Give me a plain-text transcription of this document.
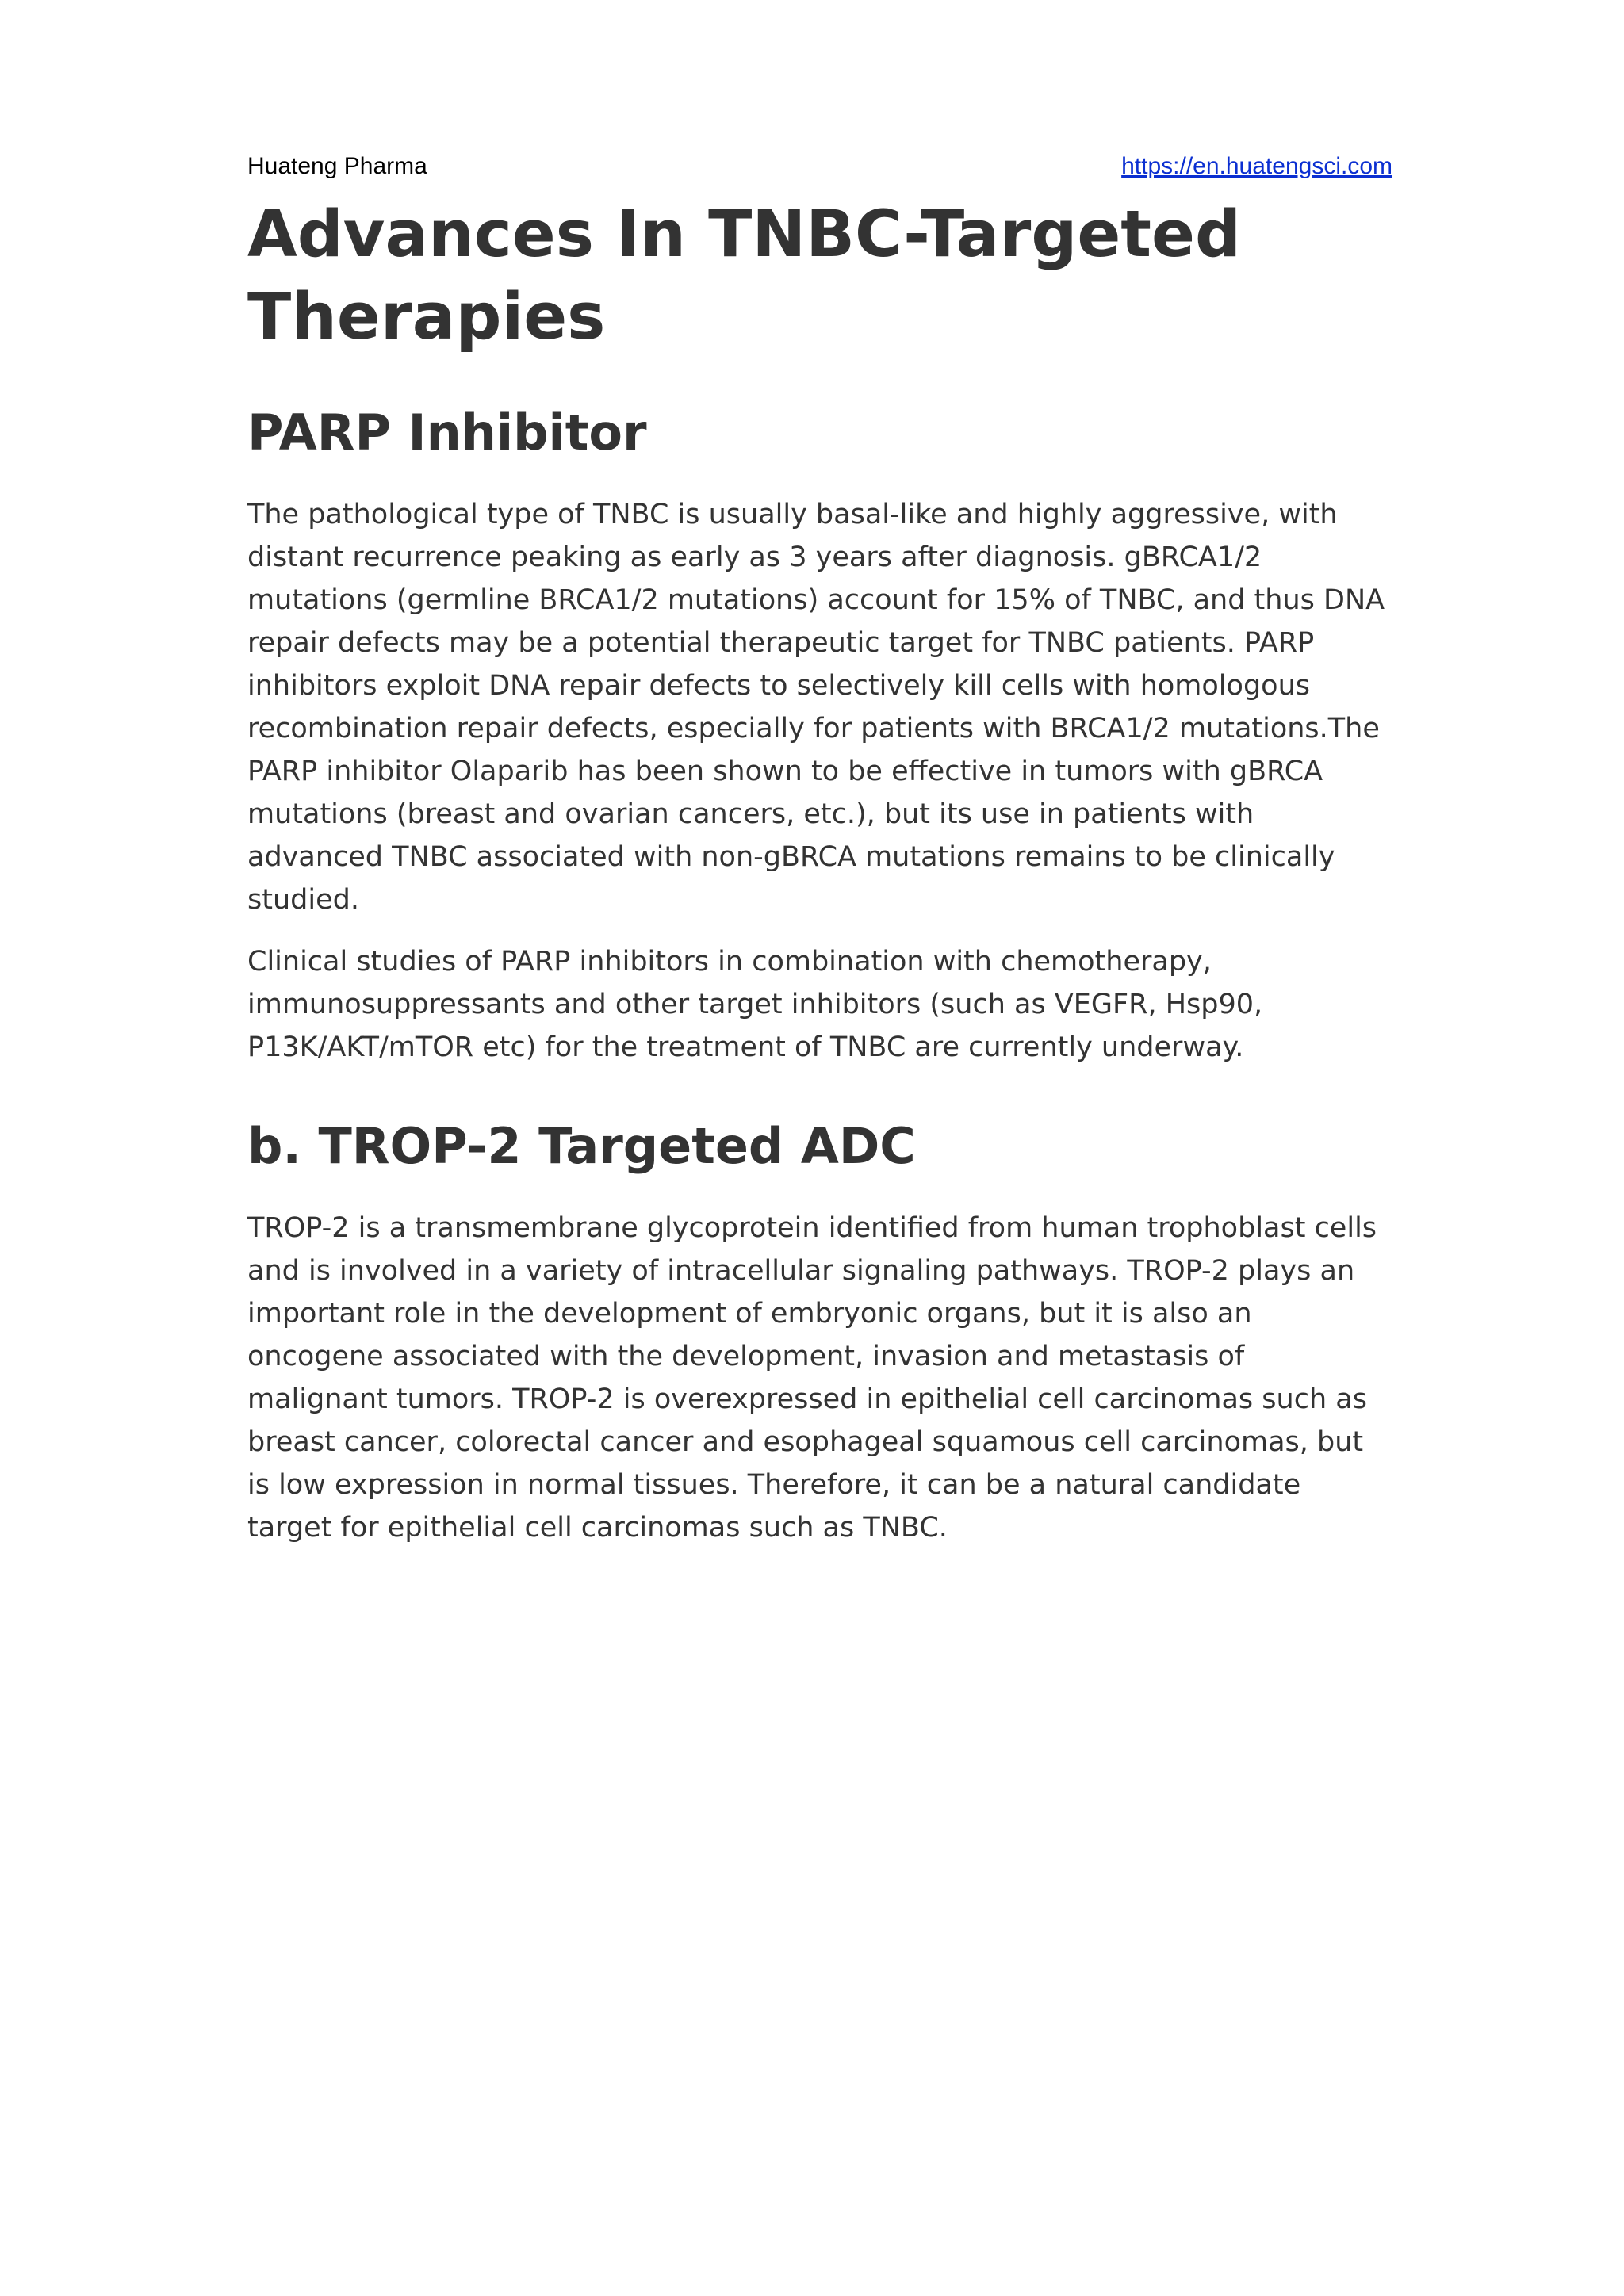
Huateng Pharma	https://en.huatengsci.com
Advances In TNBC-Targeted Therapies
PARP Inhibitor

The pathological type of TNBC is usually basal-like and highly aggressive, with distant recurrence peaking as early as 3 years after diagnosis. gBRCA1/2 mutations (germline BRCA1/2 mutations) account for 15% of TNBC, and thus DNA repair defects may be a potential therapeutic target for TNBC patients. PARP inhibitors exploit DNA repair defects to selectively kill cells with homologous recombination repair defects, especially for patients with BRCA1/2 mutations.The PARP inhibitor Olaparib has been shown to be effective in tumors with gBRCA mutations (breast and ovarian cancers, etc.), but its use in patients with advanced TNBC associated with non-gBRCA mutations remains to be clinically studied.

Clinical studies of PARP inhibitors in combination with chemotherapy, immunosuppressants and other target inhibitors (such as VEGFR, Hsp90, P13K/AKT/mTOR etc) for the treatment of TNBC are currently underway.

b. TROP-2 Targeted ADC

TROP-2 is a transmembrane glycoprotein identified from human trophoblast cells and is involved in a variety of intracellular signaling pathways. TROP-2 plays an important role in the development of embryonic organs, but it is also an oncogene associated with the development, invasion and metastasis of malignant tumors. TROP-2 is overexpressed in epithelial cell carcinomas such as breast cancer, colorectal cancer and esophageal squamous cell carcinomas, but is low expression in normal tissues. Therefore, it can be a natural candidate target for epithelial cell carcinomas such as TNBC.
